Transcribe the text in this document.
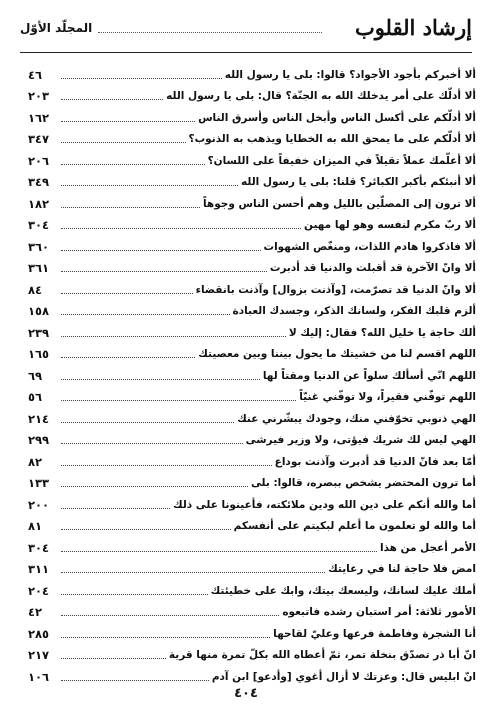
إرشاد القلوب
المجلّد الأوّل
ألا أخبركم بأجود الأجواد؟ قالوا: بلى يا رسول الله
٤٦
ألا أدلّك على أمر يدخلك الله به الجنّة؟ قال: بلى يا رسول الله
٢٠٣
ألا أدلّكم على أكسل الناس وأبخل الناس وأسرق الناس
١٦٢
ألا أدلّكم على ما يمحق الله به الخطايا ويذهب به الذنوب؟
٣٤٧
ألا أعلّمك عملاً تقيلاً في الميزان خفيفاً على اللسان؟
٢٠٦
ألا أنبئكم بأكبر الكبائر؟ قلنا: بلى يا رسول الله
٣٤٩
ألا ترون إلى المصلّين بالليل وهم أحسن الناس وجوهاً
١٨٢
ألا ربّ مكرم لنفسه وهو لها مهين
٣٠٤
ألا فاذكروا هادم اللذات، ومنغّص الشهوات
٣٦٠
ألا وانّ الآخرة قد أقبلت والدنيا قد أدبرت
٣٦١
ألا وانّ الدنيا قد تصرّمت، [وآذنت بزوال] وآذنت بانقضاء
٨٤
ألزم قلبك الفكر، ولسانك الذكر، وجسدك العبادة
١٥٨
ألك حاجة يا خليل الله؟ فقال: إليك لا
٢٣٩
اللهم اقسم لنا من خشيتك ما يحول بيننا وبين معصيتك
١٦٥
اللهم انّي أسألك سلواً عن الدنيا ومقتاً لها
٦٩
اللهم توفّني فقيراً، ولا توفّني غنيّاً
٥٦
الهي ذنوبي تخوّفني منك، وجودك يبشّرني عنك
٢١٤
الهي ليس لك شريك فيؤتى، ولا وزير فيرشى
٢٩٩
أمّا بعد فانّ الدنيا قد أدبرت وآذنت بوداع
٨٢
أما ترون المحتضر يشخص ببصره، قالوا: بلى
١٣٣
أما والله أنكم على دين الله ودين ملائكته، فأعينونا على ذلك
٢٠٠
أما والله لو تعلمون ما أعلم لبكيتم على أنفسكم
٨١
الأمر أعجل من هذا
٣٠٤
امض فلا حاجة لنا في رعايتك
٣١١
أملك عليك لسانك، وليسعك بيتك، وابك على خطيئتك
٢٠٤
الأمور ثلاثة: أمر استبان رشده فاتبعوه
٤٢
أنا الشجرة وفاطمة فرعها وعليّ لقاحها
٢٨٥
انّ أبا ذر تصدّق بنخلة تمر، ثمّ أعطاه الله بكلّ تمرة منها قرية
٢١٧
انّ ابليس قال: وعزتك لا أزال أغوي [وأدعو] ابن آدم
١٠٦
٤٠٤
